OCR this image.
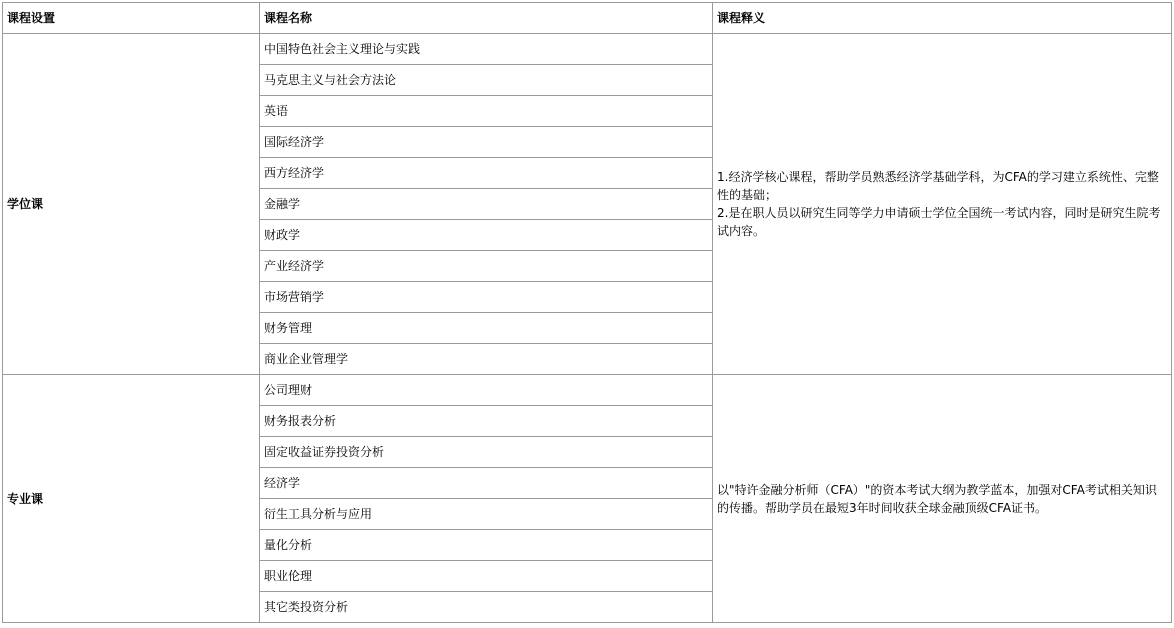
课程设置	课程名称	课程释义
学位课	中国特色社会主义理论与实践	1.经济学核心课程，帮助学员熟悉经济学基础学科，为CFA的学习建立系统性、完整性的基础；

2.是在职人员以研究生同等学力申请硕士学位全国统一考试内容，同时是研究生院考试内容。

	马克思主义与社会方法论	
	英语	
	国际经济学	
	西方经济学	
	金融学	
	财政学	
	产业经济学	
	市场营销学	
	财务管理	
	商业企业管理学	
专业课	公司理财	以"特许金融分析师（CFA）"的资本考试大纲为教学蓝本，加强对CFA考试相关知识的传播。帮助学员在最短3年时间收获全球金融顶级CFA证书。

	财务报表分析	
	固定收益证券投资分析	
	经济学	
	衍生工具分析与应用	
	量化分析	
	职业伦理	
	其它类投资分析	
